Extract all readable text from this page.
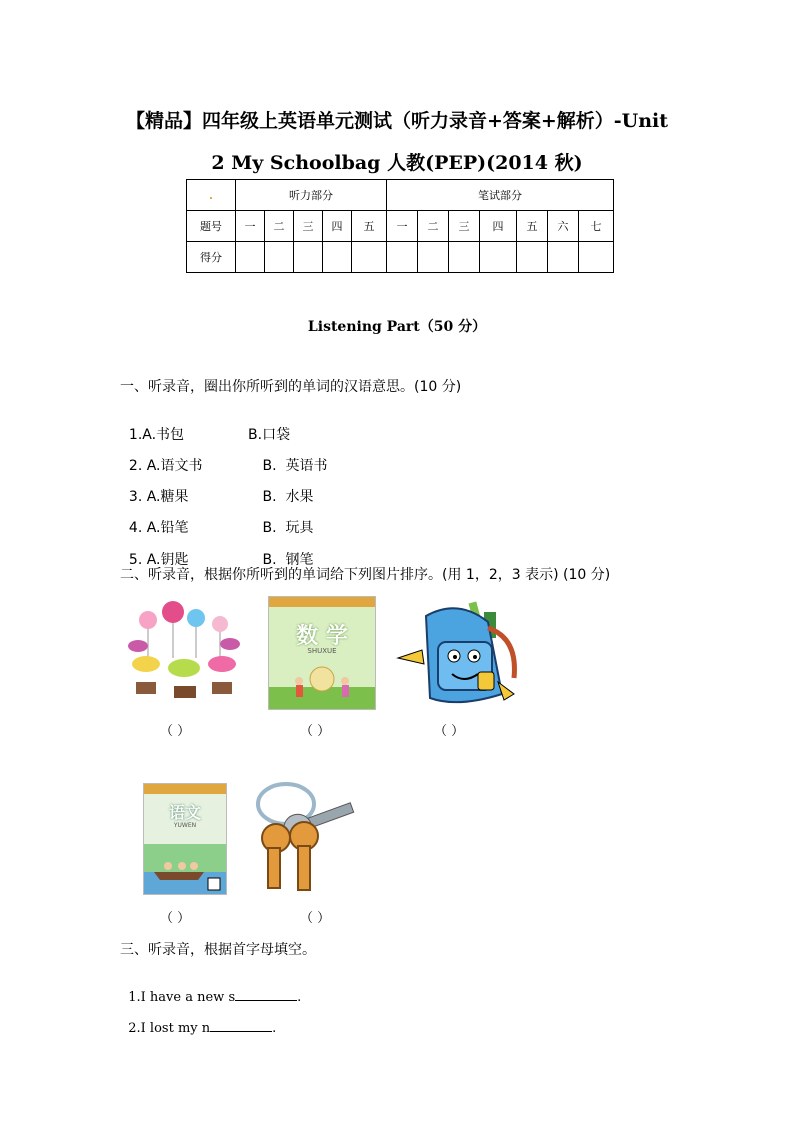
【精品】四年级上英语单元测试（听力录音+答案+解析）-Unit
2 My Schoolbag 人教(PEP)(2014 秋)
.	听力部分					笔试部分						
题号	一	二	三	四	五	一	二	三	四	五	六	七
得分												
Listening Part（50 分）
一、听录音，圈出你所听到的单词的汉语意思。(10 分)

1.A.书包	B.口袋

2. A.语文书	B.  英语书

3. A.糖果	B.  水果

4. A.铅笔	B.  玩具

5. A.钥匙	B.  钢笔

二、听录音，根据你所听到的单词给下列图片排序。(用 1，2，3 表示) (10 分)
（ ）
数 学
SHUXUE
（ ）	（ ）
语文
YUWEN
（ ）	（ ）
三、听录音，根据首字母填空。

1.I have a new s	.

2.I lost my n	.
